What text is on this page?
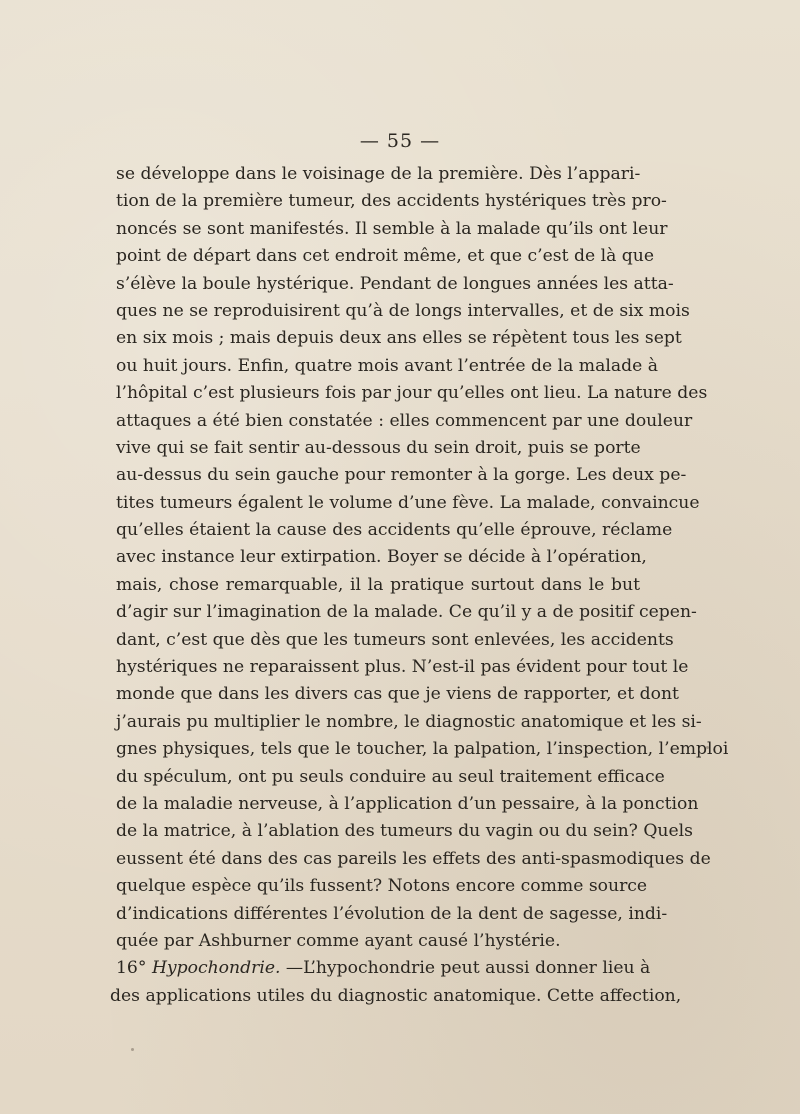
— 55 —
se développe dans le voisinage de la première. Dès l’appari-
tion de la première tumeur, des accidents hystériques très pro-
noncés se sont manifestés. Il semble à la malade qu’ils ont leur
point de départ dans cet endroit même, et que c’est de là que
s’élève la boule hystérique. Pendant de longues années les atta-
ques ne se reproduisirent qu’à de longs intervalles, et de six mois
en six mois ; mais depuis deux ans elles se répètent tous les sept
ou huit jours. Enfin, quatre mois avant l’entrée de la malade à
l’hôpital c’est plusieurs fois par jour qu’elles ont lieu. La nature des
attaques a été bien constatée : elles commencent par une douleur
vive qui se fait sentir au-dessous du sein droit, puis se porte
au-dessus du sein gauche pour remonter à la gorge. Les deux pe-
tites tumeurs égalent le volume d’une fève. La malade, convaincue
qu’elles étaient la cause des accidents qu’elle éprouve, réclame
avec instance leur extirpation. Boyer se décide à l’opération,
mais, chose remarquable, il la pratique surtout dans le but
d’agir sur l’imagination de la malade. Ce qu’il y a de positif cepen-
dant, c’est que dès que les tumeurs sont enlevées, les accidents
hystériques ne reparaissent plus. N’est-il pas évident pour tout le
monde que dans les divers cas que je viens de rapporter, et dont
j’aurais pu multiplier le nombre, le diagnostic anatomique et les si-
gnes physiques, tels que le toucher, la palpation, l’inspection, l’emploi
du spéculum, ont pu seuls conduire au seul traitement efficace
de la maladie nerveuse, à l’application d’un pessaire, à la ponction
de la matrice, à l’ablation des tumeurs du vagin ou du sein? Quels
eussent été dans des cas pareils les effets des anti-spasmodiques de
quelque espèce qu’ils fussent? Notons encore comme source
d’indications différentes l’évolution de la dent de sagesse, indi-
quée par Ashburner comme ayant causé l’hystérie.
16° Hypochondrie. —L’hypochondrie peut aussi donner lieu à
des applications utiles du diagnostic anatomique. Cette affection,
